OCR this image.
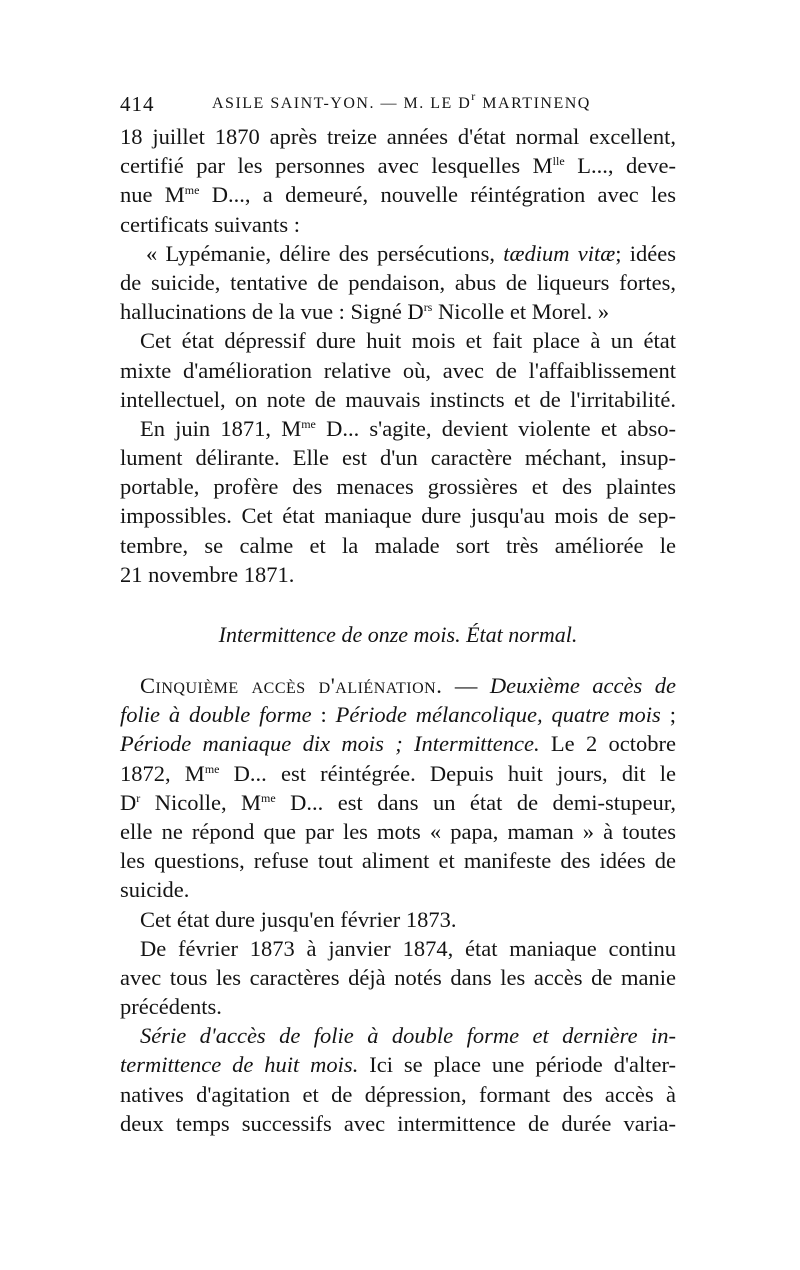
414	ASILE SAINT-YON. — M. LE $D^r$ MARTINENQ
18 juillet 1870 après treize années d'état normal excellent,
certifié par les personnes avec lesquelles $M^{lle}$ L..., deve-
nue $M^{me}$ D..., a demeuré, nouvelle réintégration avec les
certificats suivants :
« Lypémanie, délire des persécutions, tædium vitæ; idées
de suicide, tentative de pendaison, abus de liqueurs fortes,
hallucinations de la vue : Signé $D^{rs}$ Nicolle et Morel. »
Cet état dépressif dure huit mois et fait place à un état
mixte d'amélioration relative où, avec de l'affaiblissement
intellectuel, on note de mauvais instincts et de l'irritabilité.
En juin 1871, $M^{me}$ D... s'agite, devient violente et abso-
lument délirante. Elle est d'un caractère méchant, insup-
portable, profère des menaces grossières et des plaintes
impossibles. Cet état maniaque dure jusqu'au mois de sep-
tembre, se calme et la malade sort très améliorée le
21 novembre 1871.
Intermittence de onze mois. État normal.
Cinquième accès d'aliénation. — Deuxième accès de
folie à double forme : Période mélancolique, quatre mois ;
Période maniaque dix mois ; Intermittence. Le 2 octobre
1872, $M^{me}$ D... est réintégrée. Depuis huit jours, dit le
$D^r$ Nicolle, $M^{me}$ D... est dans un état de demi-stupeur,
elle ne répond que par les mots « papa, maman » à toutes
les questions, refuse tout aliment et manifeste des idées de
suicide.
Cet état dure jusqu'en février 1873.
De février 1873 à janvier 1874, état maniaque continu
avec tous les caractères déjà notés dans les accès de manie
précédents.
Série d'accès de folie à double forme et dernière in-
termittence de huit mois. Ici se place une période d'alter-
natives d'agitation et de dépression, formant des accès à
deux temps successifs avec intermittence de durée varia-
